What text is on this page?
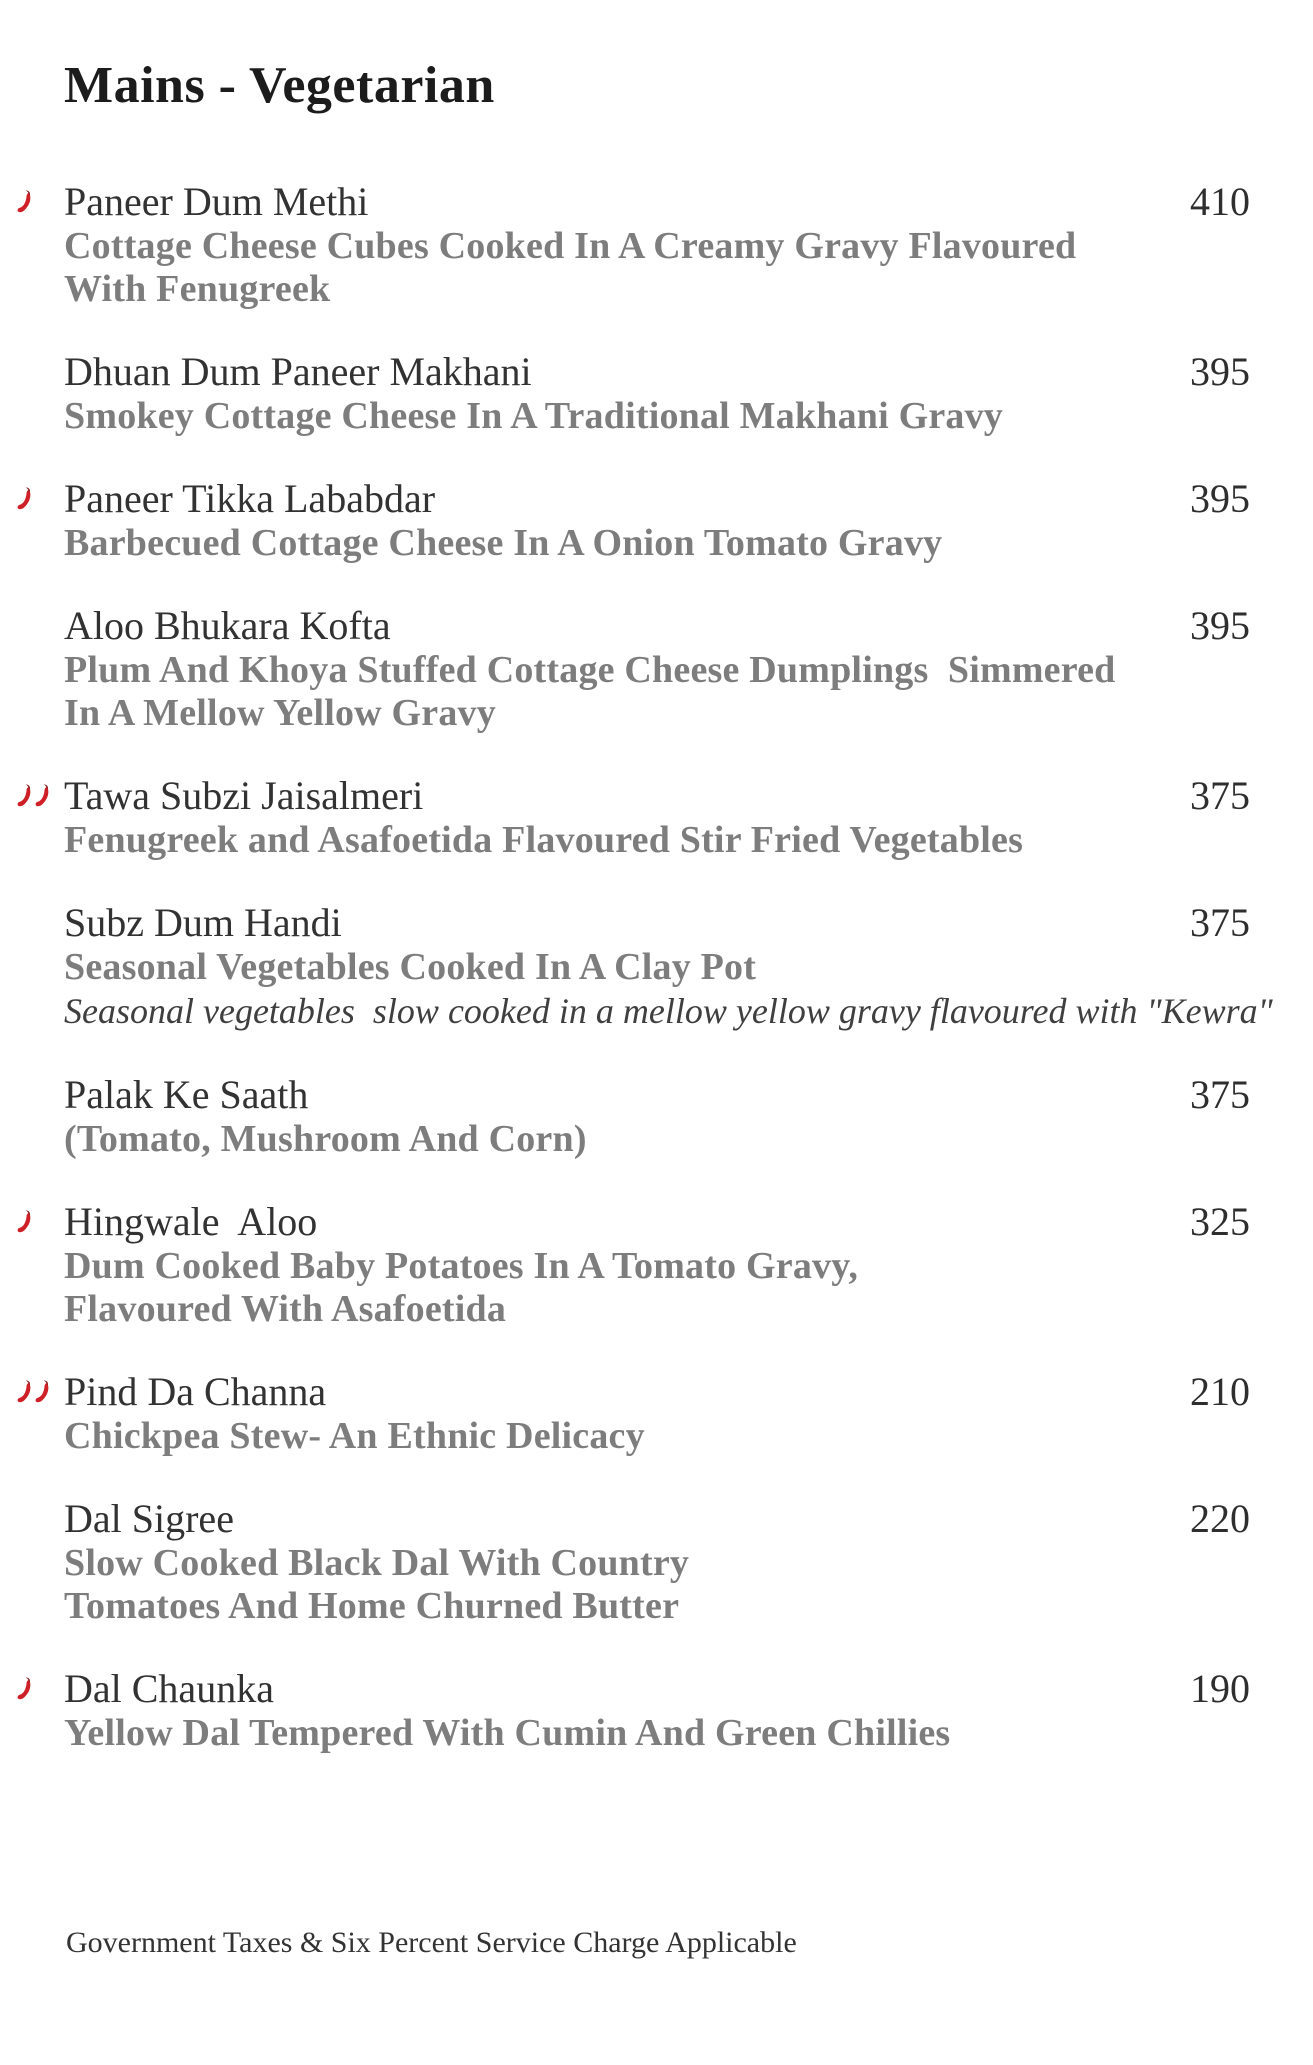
Mains - Vegetarian
Paneer Dum Methi	410
Cottage Cheese Cubes Cooked In A Creamy Gravy Flavoured
With Fenugreek
Dhuan Dum Paneer Makhani	395
Smokey Cottage Cheese In A Traditional Makhani Gravy
Paneer Tikka Lababdar	395
Barbecued Cottage Cheese In A Onion Tomato Gravy
Aloo Bhukara Kofta	395
Plum And Khoya Stuffed Cottage Cheese Dumplings  Simmered
In A Mellow Yellow Gravy
Tawa Subzi Jaisalmeri	375
Fenugreek and Asafoetida Flavoured Stir Fried Vegetables
Subz Dum Handi	375
Seasonal Vegetables Cooked In A Clay Pot
Seasonal vegetables  slow cooked in a mellow yellow gravy flavoured with "Kewra"
Palak Ke Saath	375
(Tomato, Mushroom And Corn)
Hingwale  Aloo	325
Dum Cooked Baby Potatoes In A Tomato Gravy,
Flavoured With Asafoetida
Pind Da Channa	210
Chickpea Stew- An Ethnic Delicacy
Dal Sigree	220
Slow Cooked Black Dal With Country
Tomatoes And Home Churned Butter
Dal Chaunka	190
Yellow Dal Tempered With Cumin And Green Chillies
Government Taxes & Six Percent Service Charge Applicable
